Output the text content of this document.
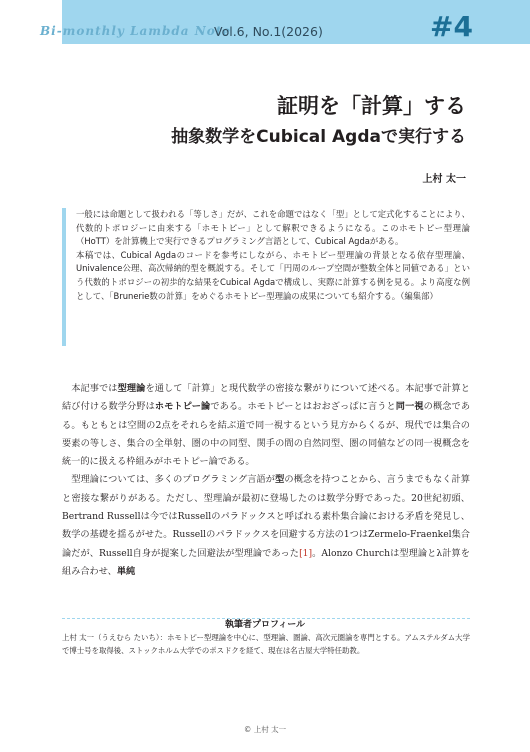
Bi-monthly Lambda Note
Vol.6, No.1(2026)	#4
証明を「計算」する
抽象数学をCubical Agdaで実行する
上村 太一

一般には命題として扱われる「等しさ」だが、これを命題ではなく「型」として定式化することにより、代数的トポロジーに由来する「ホモトピー」として解釈できるようになる。このホモトピー型理論（HoTT）を計算機上で実行できるプログラミング言語として、Cubical Agdaがある。

本稿では、Cubical Agdaのコードを参考にしながら、ホモトピー型理論の背景となる依存型理論、Univalence公理、高次帰納的型を概説する。そして「円周のループ空間が整数全体と同値である」という代数的トポロジーの初歩的な結果をCubical Agdaで構成し、実際に計算する例を見る。より高度な例として、「Brunerie数の計算」をめぐるホモトピー型理論の成果についても紹介する。（編集部）

本記事では型理論を通して「計算」と現代数学の密接な繋がりについて述べる。本記事で計算と結び付ける数学分野はホモトピー論である。ホモトピーとはおおざっぱに言うと同一視の概念である。もともとは空間の2点をそれらを結ぶ道で同一視するという見方からくるが、現代では集合の要素の等しさ、集合の全単射、圏の中の同型、関手の間の自然同型、圏の同値などの同一視概念を統一的に扱える枠組みがホモトピー論である。

型理論については、多くのプログラミング言語が型の概念を持つことから、言うまでもなく計算と密接な繋がりがある。ただし、型理論が最初に登場したのは数学分野であった。20世紀初頭、Bertrand Russellは今ではRussellのパラドックスと呼ばれる素朴集合論における矛盾を発見し、数学の基礎を揺るがせた。Russellのパラドックスを回避する方法の1つはZermelo-Fraenkel集合論だが、Russell自身が提案した回避法が型理論であった[1]。Alonzo Churchは型理論とλ計算を組み合わせ、単純

執筆者プロフィール
上村 太一（うえむら たいち）：ホモトピー型理論を中心に、型理論、圏論、高次元圏論を専門とする。アムステルダム大学で博士号を取得後、ストックホルム大学でのポスドクを経て、現在は名古屋大学特任助教。
© 上村 太一
